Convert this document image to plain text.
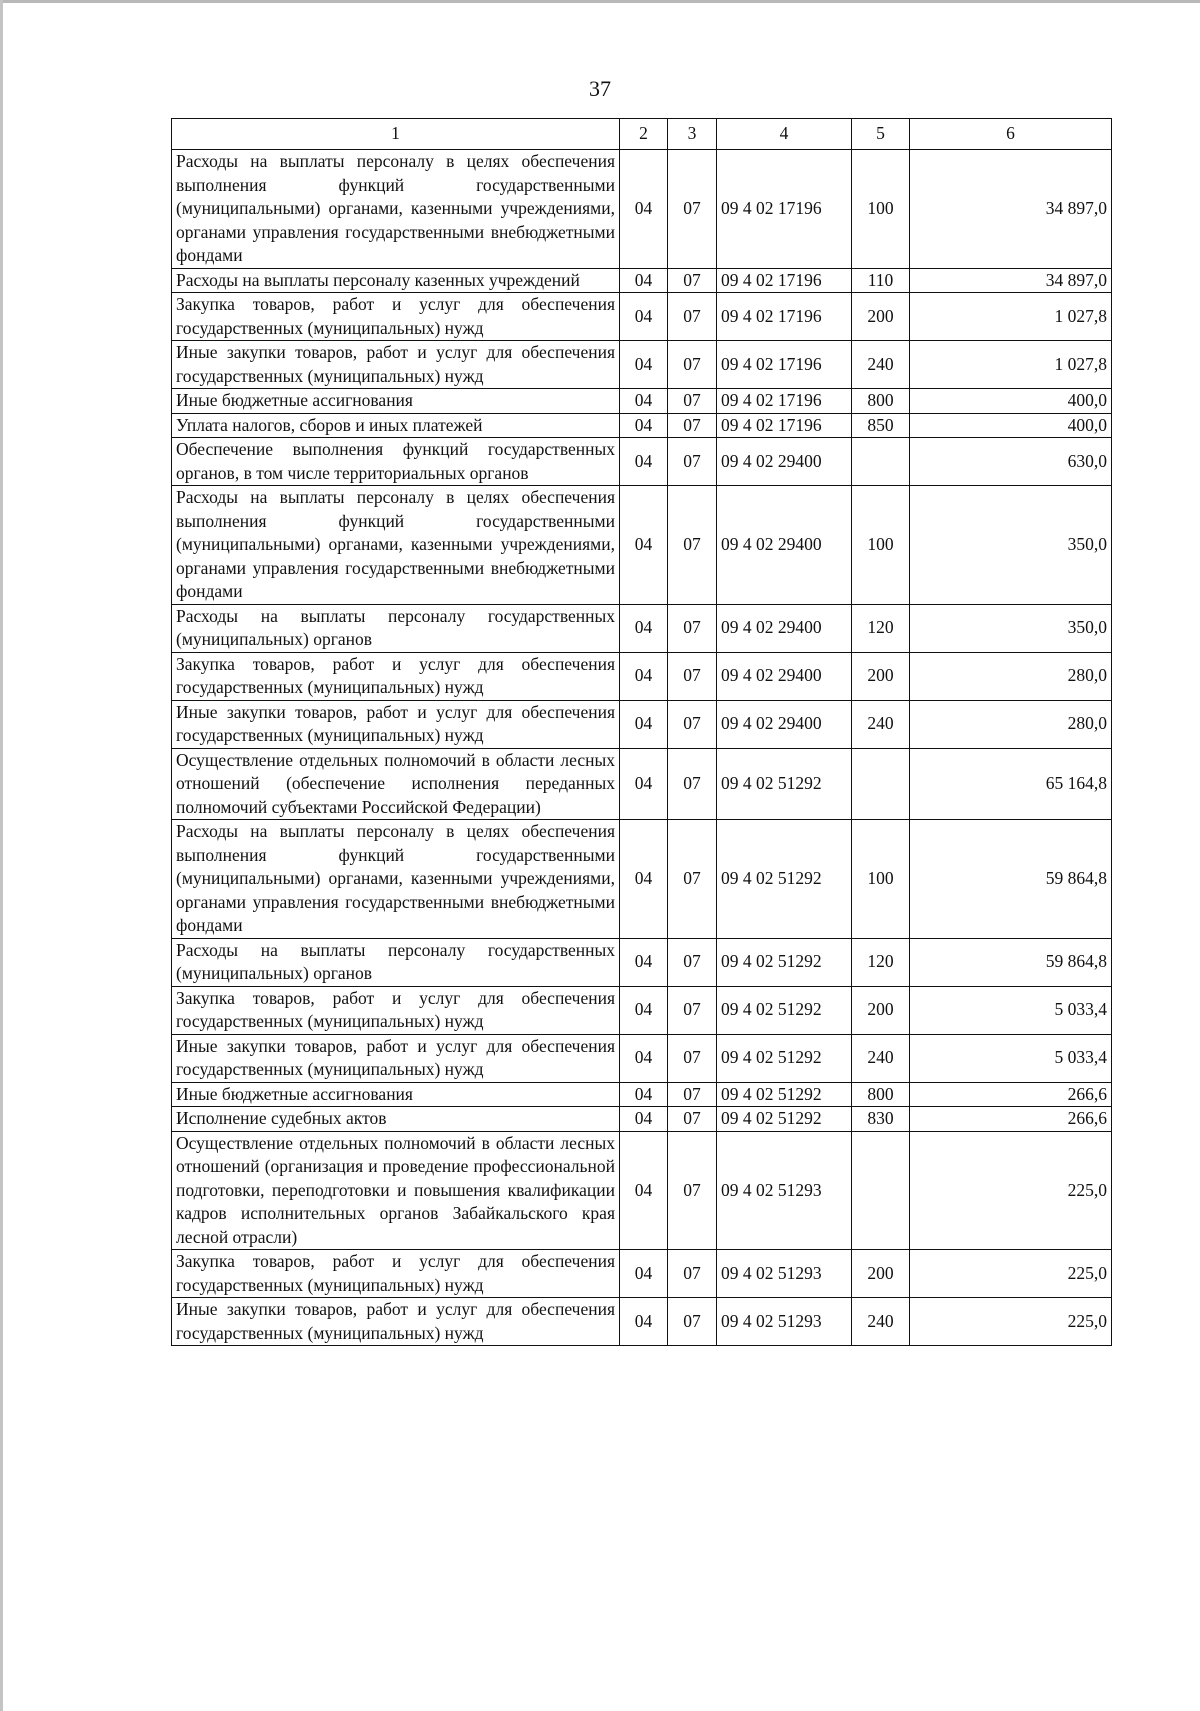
37
1	2	3	4	5	6
Расходы на выплаты персоналу в целях обеспечения выполнения функций государственными (муниципальными) органами, казенными учреждениями, органами управления государственными внебюджетными фондами	04	07	09 4 02 17196	100	34 897,0
Расходы на выплаты персоналу казенных учреждений	04	07	09 4 02 17196	110	34 897,0
Закупка товаров, работ и услуг для обеспечения государственных (муниципальных) нужд	04	07	09 4 02 17196	200	1 027,8
Иные закупки товаров, работ и услуг для обеспечения государственных (муниципальных) нужд	04	07	09 4 02 17196	240	1 027,8
Иные бюджетные ассигнования	04	07	09 4 02 17196	800	400,0
Уплата налогов, сборов и иных платежей	04	07	09 4 02 17196	850	400,0
Обеспечение выполнения функций государственных органов, в том числе территориальных органов	04	07	09 4 02 29400		630,0
Расходы на выплаты персоналу в целях обеспечения выполнения функций государственными (муниципальными) органами, казенными учреждениями, органами управления государственными внебюджетными фондами	04	07	09 4 02 29400	100	350,0
Расходы на выплаты персоналу государственных (муниципальных) органов	04	07	09 4 02 29400	120	350,0
Закупка товаров, работ и услуг для обеспечения государственных (муниципальных) нужд	04	07	09 4 02 29400	200	280,0
Иные закупки товаров, работ и услуг для обеспечения государственных (муниципальных) нужд	04	07	09 4 02 29400	240	280,0
Осуществление отдельных полномочий в области лесных отношений (обеспечение исполнения переданных полномочий субъектами Российской Федерации)	04	07	09 4 02 51292		65 164,8
Расходы на выплаты персоналу в целях обеспечения выполнения функций государственными (муниципальными) органами, казенными учреждениями, органами управления государственными внебюджетными фондами	04	07	09 4 02 51292	100	59 864,8
Расходы на выплаты персоналу государственных (муниципальных) органов	04	07	09 4 02 51292	120	59 864,8
Закупка товаров, работ и услуг для обеспечения государственных (муниципальных) нужд	04	07	09 4 02 51292	200	5 033,4
Иные закупки товаров, работ и услуг для обеспечения государственных (муниципальных) нужд	04	07	09 4 02 51292	240	5 033,4
Иные бюджетные ассигнования	04	07	09 4 02 51292	800	266,6
Исполнение судебных актов	04	07	09 4 02 51292	830	266,6
Осуществление отдельных полномочий в области лесных отношений (организация и проведение профессиональной подготовки, переподготовки и повышения квалификации кадров исполнительных органов Забайкальского края лесной отрасли)	04	07	09 4 02 51293		225,0
Закупка товаров, работ и услуг для обеспечения государственных (муниципальных) нужд	04	07	09 4 02 51293	200	225,0
Иные закупки товаров, работ и услуг для обеспечения государственных (муниципальных) нужд	04	07	09 4 02 51293	240	225,0
